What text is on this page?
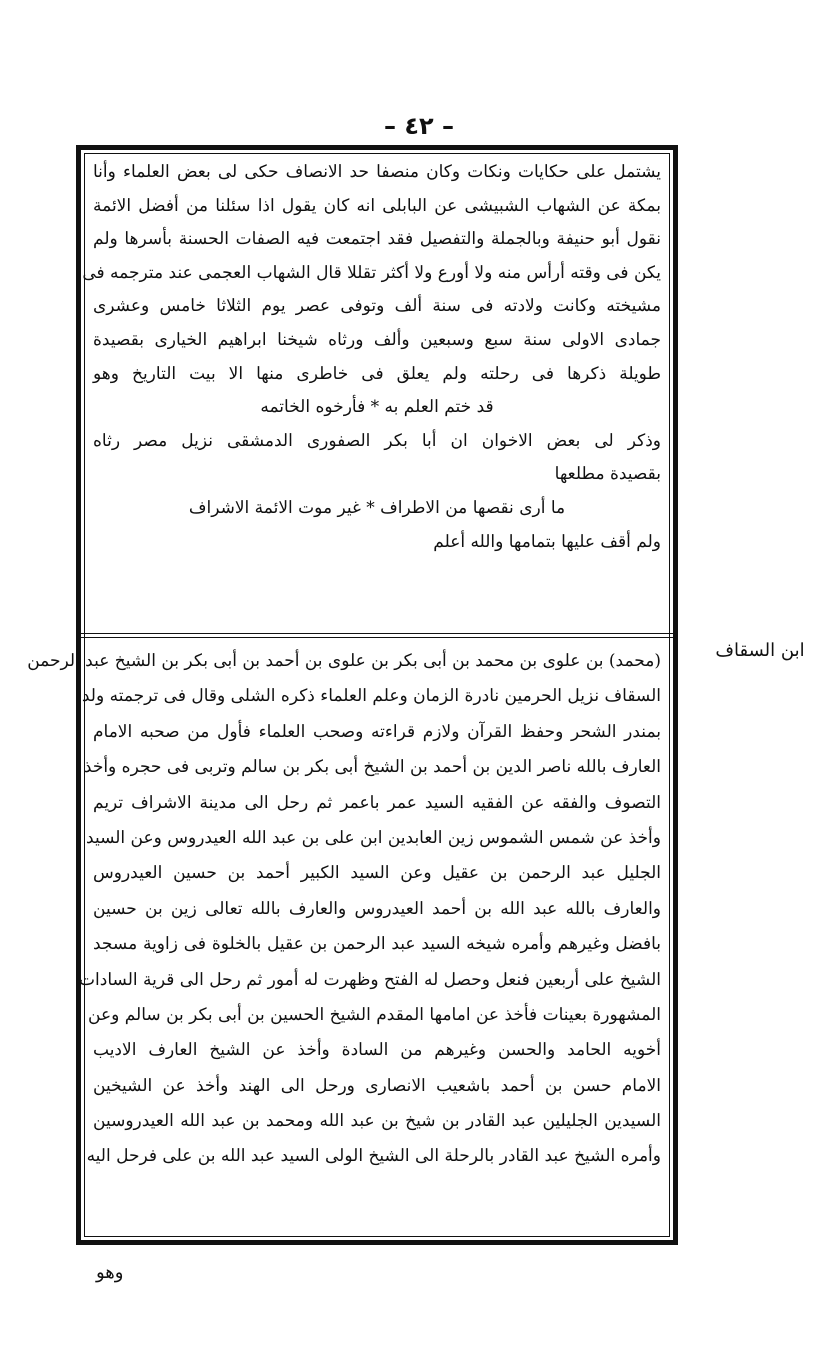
– ٤٢ –
يشتمل على حكايات ونكات وكان منصفا حد الانصاف حكى لى بعض العلماء وأنا
بمكة عن الشهاب الشبيشى عن البابلى انه كان يقول اذا سئلنا من أفضل الائمة
نقول أبو حنيفة وبالجملة والتفصيل فقد اجتمعت فيه الصفات الحسنة بأسرها ولم
يكن فى وقته أرأس منه ولا أورع ولا أكثر تقللا قال الشهاب العجمى عند مترجمه فى
مشيخته وكانت ولادته فى سنة ألف وتوفى عصر يوم الثلاثا خامس وعشرى
جمادى الاولى سنة سبع وسبعين وألف ورثاه شيخنا ابراهيم الخيارى بقصيدة
طويلة ذكرها فى رحلته ولم يعلق فى خاطرى منها الا بيت التاريخ وهو
قد ختم العلم به * فأرخوه الخاتمه
وذكر لى بعض الاخوان ان أبا بكر الصفورى الدمشقى نزيل مصر رثاه
بقصيدة مطلعها
ما أرى نقصها من الاطراف * غير موت الائمة الاشراف
ولم أقف عليها بتمامها والله أعلم
(محمد) بن علوى بن محمد بن أبى بكر بن علوى بن أحمد بن أبى بكر بن الشيخ عبد الرحمن
السقاف نزيل الحرمين نادرة الزمان وعلم العلماء ذكره الشلى وقال فى ترجمته ولد
بمندر الشحر وحفظ القرآن ولازم قراءته وصحب العلماء فأول من صحبه الامام
العارف بالله ناصر الدين بن أحمد بن الشيخ أبى بكر بن سالم وتربى فى حجره وأخذ
التصوف والفقه عن الفقيه السيد عمر باعمر ثم رحل الى مدينة الاشراف تريم
وأخذ عن شمس الشموس زين العابدين ابن على بن عبد الله العيدروس وعن السيد
الجليل عبد الرحمن بن عقيل وعن السيد الكبير أحمد بن حسين العيدروس
والعارف بالله عبد الله بن أحمد العيدروس والعارف بالله تعالى زين بن حسين
بافضل وغيرهم وأمره شيخه السيد عبد الرحمن بن عقيل بالخلوة فى زاوية مسجد
الشيخ على أربعين فنعل وحصل له الفتح وظهرت له أمور ثم رحل الى قرية السادات
المشهورة بعينات فأخذ عن امامها المقدم الشيخ الحسين بن أبى بكر بن سالم وعن
أخويه الحامد والحسن وغيرهم من السادة وأخذ عن الشيخ العارف الاديب
الامام حسن بن أحمد باشعيب الانصارى ورحل الى الهند وأخذ عن الشيخين
السيدين الجليلين عبد القادر بن شيخ بن عبد الله ومحمد بن عبد الله العيدروسين
وأمره الشيخ عبد القادر بالرحلة الى الشيخ الولى السيد عبد الله بن على فرحل اليه
ابن السقاف
وهو
